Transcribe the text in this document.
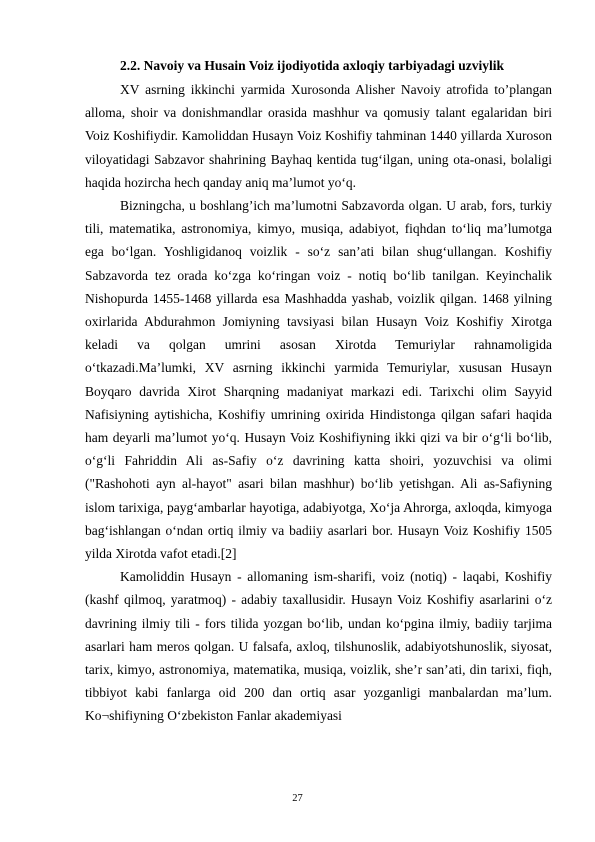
2.2. Navoiy va Husain Voiz ijodiyotida axloqiy tarbiyadagi uzviylik

XV asrning ikkinchi yarmida Xurosonda Alisher Navoiy atrofida to’plangan alloma, shoir va donishmandlar orasida mashhur va qomusiy talant egalaridan biri Voiz Koshifiydir. Kamoliddan Husayn Voiz Koshifiy tahminan 1440 yillarda Xuroson viloyatidagi Sabzavor shahrining Bayhaq kentida tug‘ilgan, uning ota-onasi, bolaligi haqida hozircha hech qanday aniq ma’lumot yo‘q.

Bizningcha, u boshlang’ich ma’lumotni Sabzavorda olgan. U arab, fors, turkiy tili, matematika, astronomiya, kimyo, musiqa, adabiyot, fiqhdan to‘liq ma’lumotga ega bo‘lgan. Yoshligidanoq voizlik - so‘z san’ati bilan shug‘ullangan. Koshifiy Sabzavorda tez orada ko‘zga ko‘ringan voiz - notiq bo‘lib tanilgan. Keyinchalik Nishopurda 1455-1468 yillarda esa Mashhadda yashab, voizlik qilgan. 1468 yilning oxirlarida Abdurahmon Jomiyning tavsiyasi bilan Husayn Voiz Koshifiy Xirotga keladi va qolgan umrini asosan Xirotda Temuriylar rahnamoligida o‘tkazadi.Ma’lumki, XV asrning ikkinchi yarmida Temuriylar, xususan Husayn Boyqaro davrida Xirot Sharqning madaniyat markazi edi. Tarixchi olim Sayyid Nafisiyning aytishicha, Koshifiy umrining oxirida Hindistonga qilgan safari haqida ham deyarli ma’lumot yo‘q. Husayn Voiz Koshifiyning ikki qizi va bir o‘g‘li bo‘lib, o‘g‘li Fahriddin Ali as-Safiy o‘z davrining katta shoiri, yozuvchisi va olimi ("Rashohoti ayn al-hayot" asari bilan mashhur) bo‘lib yetishgan. Ali as-Safiyning islom tarixiga, payg‘ambarlar hayotiga, adabiyotga, Xo‘ja Ahrorga, axloqda, kimyoga bag‘ishlangan o‘ndan ortiq ilmiy va badiiy asarlari bor. Husayn Voiz Koshifiy 1505 yilda Xirotda vafot etadi.[2]

Kamoliddin Husayn - allomaning ism-sharifi, voiz (notiq) - laqabi, Koshifiy (kashf qilmoq, yaratmoq) - adabiy taxallusidir. Husayn Voiz Koshifiy asarlarini o‘z davrining ilmiy tili - fors tilida yozgan bo‘lib, undan ko‘pgina ilmiy, badiiy tarjima asarlari ham meros qolgan. U falsafa, axloq, tilshunoslik, adabiyotshunoslik, siyosat, tarix, kimyo, astronomiya, matematika, musiqa, voizlik, she’r san’ati, din tarixi, fiqh, tibbiyot kabi fanlarga oid 200 dan ortiq asar yozganligi manbalardan ma’lum. Ko¬shifiyning O‘zbekiston Fanlar akademiyasi

27
